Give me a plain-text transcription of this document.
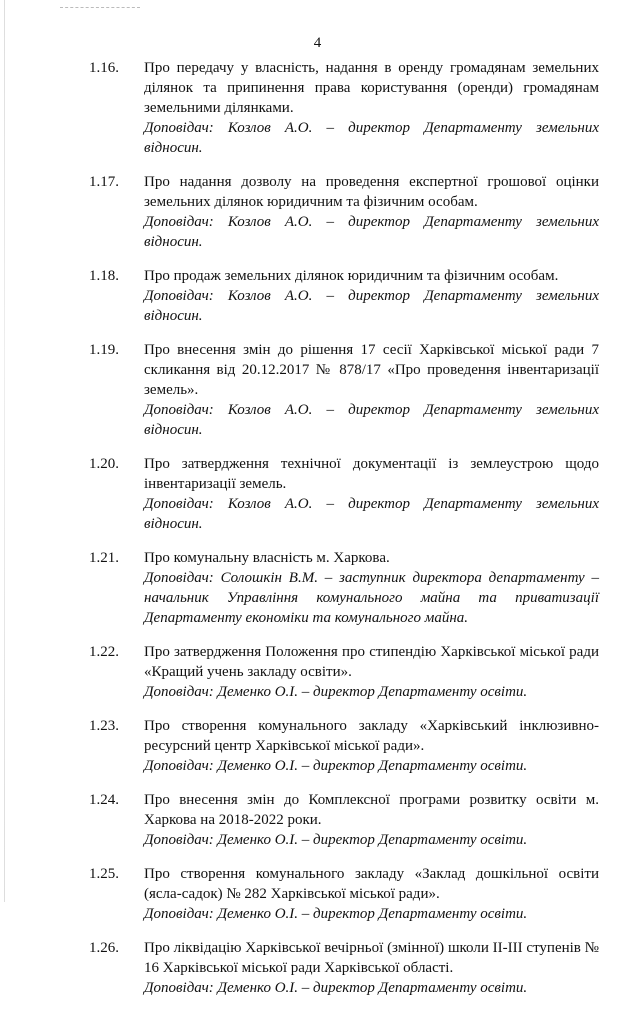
4
1.16.	Про передачу у власність, надання в оренду громадянам земельних ділянок та припинення права користування (оренди) громадянам земельними ділянками.
Доповідач: Козлов А.О. – директор Департаменту земельних відносин.
1.17.	Про надання дозволу на проведення експертної грошової оцінки земельних ділянок юридичним та фізичним особам.
Доповідач: Козлов А.О. – директор Департаменту земельних відносин.
1.18.	Про продаж земельних ділянок юридичним та фізичним особам.
Доповідач: Козлов А.О. – директор Департаменту земельних відносин.
1.19.	Про внесення змін до рішення 17 сесії Харківської міської ради 7 скликання від 20.12.2017 № 878/17 «Про проведення інвентаризації земель».
Доповідач: Козлов А.О. – директор Департаменту земельних відносин.
1.20.	Про затвердження технічної документації із землеустрою щодо інвентаризації земель.
Доповідач: Козлов А.О. – директор Департаменту земельних відносин.
1.21.	Про комунальну власність м. Харкова.
Доповідач: Солошкін В.М. – заступник директора департаменту – начальник Управління комунального майна та приватизації Департаменту економіки та комунального майна.
1.22.	Про затвердження Положення про стипендію Харківської міської ради «Кращий учень закладу освіти».
Доповідач: Деменко О.І. – директор Департаменту освіти.
1.23.	Про створення комунального закладу «Харківський інклюзивно-ресурсний центр Харківської міської ради».
Доповідач: Деменко О.І. – директор Департаменту освіти.
1.24.	Про внесення змін до Комплексної програми розвитку освіти м. Харкова на 2018-2022 роки.
Доповідач: Деменко О.І. – директор Департаменту освіти.
1.25.	Про створення комунального закладу «Заклад дошкільної освіти (ясла-садок) № 282 Харківської міської ради».
Доповідач: Деменко О.І. – директор Департаменту освіти.
1.26.	Про ліквідацію Харківської вечірньої (змінної) школи ІІ-ІІІ ступенів № 16 Харківської міської ради Харківської області.
Доповідач: Деменко О.І. – директор Департаменту освіти.
